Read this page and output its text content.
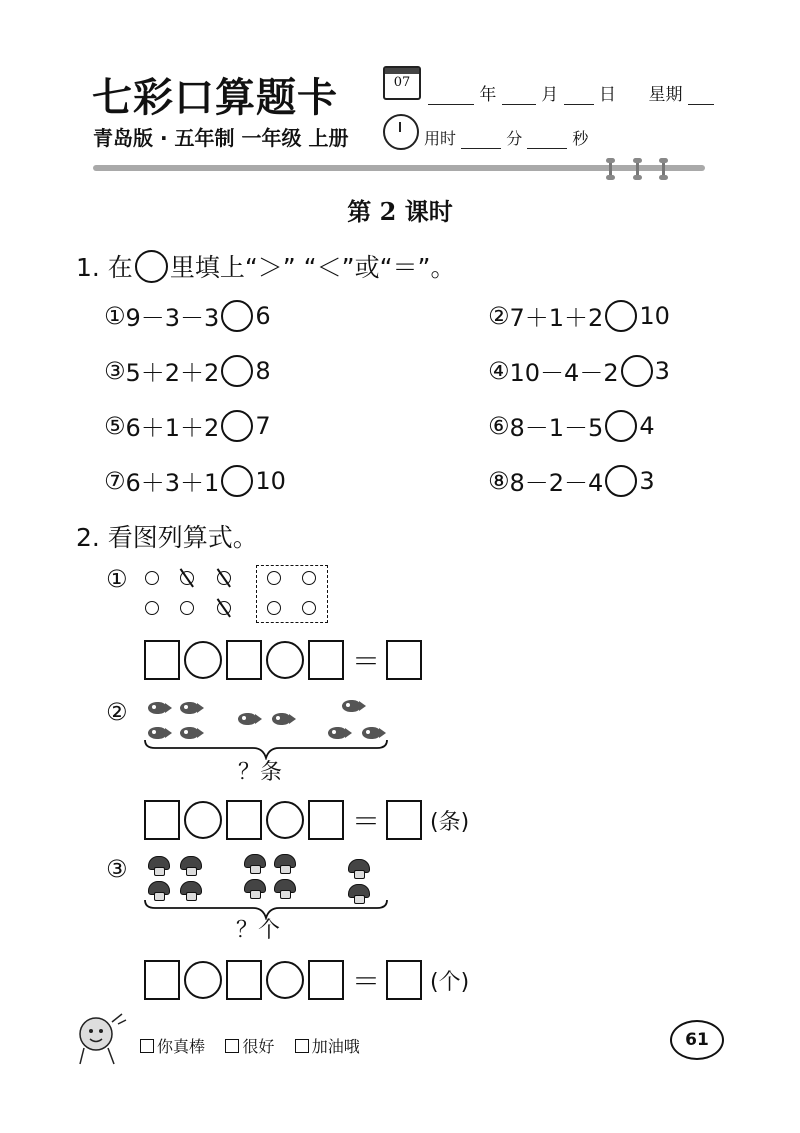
七彩口算题卡	07
年	月 日 星期
青岛版 · 五年制 一年级 上册	用时	分	秒
第 2 课时
1. 在 里填上“＞” “＜”或“＝”。
① 9－3－3 6	② 7＋1＋2 10
③ 5＋2＋2 8	④ 10－4－2 3
⑤ 6＋1＋2 7	⑥ 8－1－5 4
⑦ 6＋3＋1 10	⑧ 8－2－4 3
2. 看图列算式。
①
＝
②
？条
＝ (条)
③
？个
＝ (个)
你真棒 很好 加油哦	61
